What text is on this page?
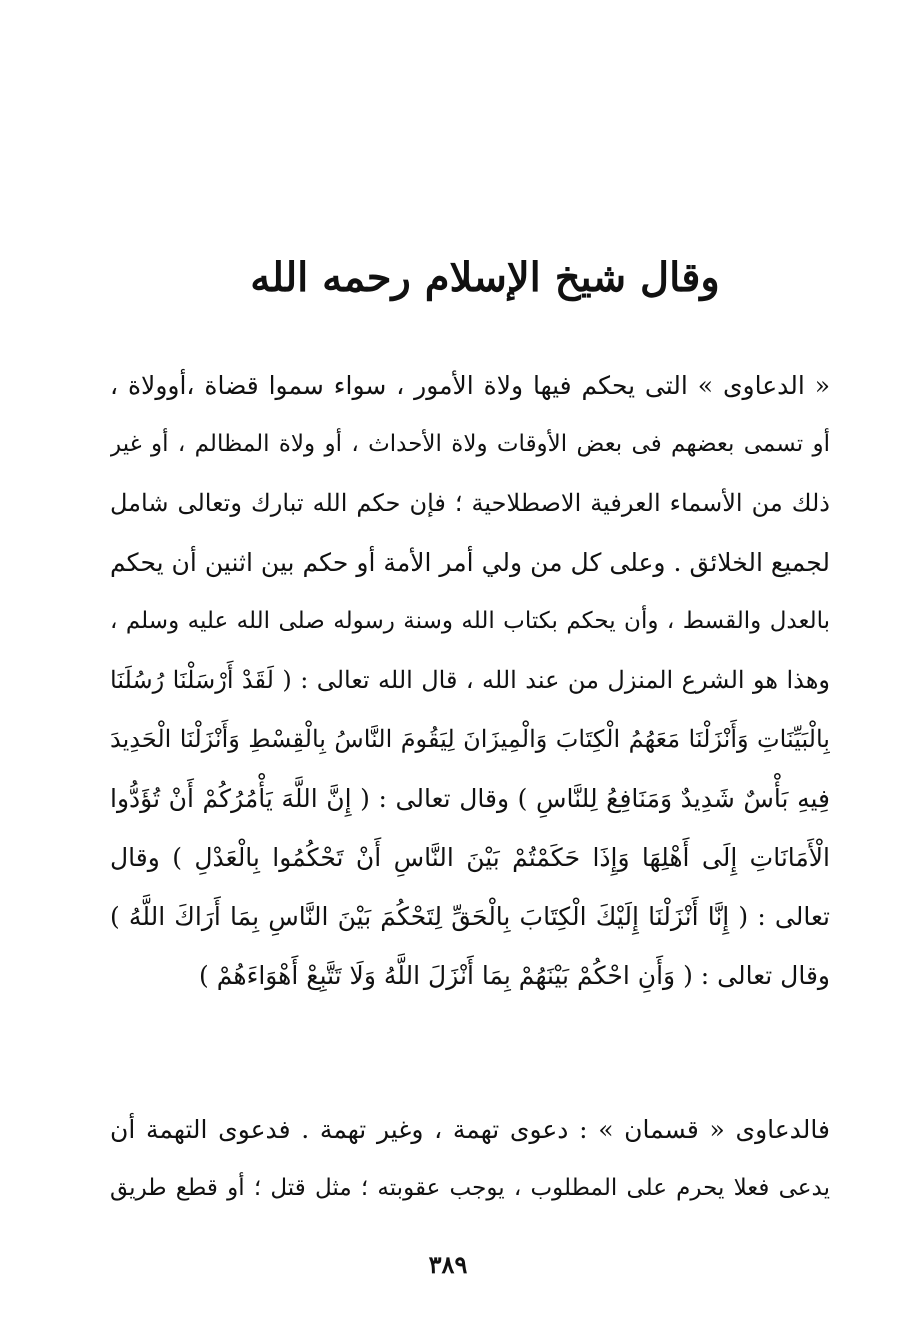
وقال شيخ الإسلام رحمه الله
« الدعاوى » التى يحكم فيها ولاة الأمور ، سواء سموا قضاة ،أوولاة ،
أو تسمى بعضهم فى بعض الأوقات ولاة الأحداث ، أو ولاة المظالم ، أو غير
ذلك من الأسماء العرفية الاصطلاحية ؛ فإن حكم الله تبارك وتعالى شامل
لجميع الخلائق . وعلى كل من ولي أمر الأمة أو حكم بين اثنين أن يحكم
بالعدل والقسط ، وأن يحكم بكتاب الله وسنة رسوله صلى الله عليه وسلم ،
وهذا هو الشرع المنزل من عند الله ، قال الله تعالى : ( لَقَدْ أَرْسَلْنَا رُسُلَنَا
بِالْبَيِّنَاتِ وَأَنْزَلْنَا مَعَهُمُ الْكِتَابَ وَالْمِيزَانَ لِيَقُومَ النَّاسُ بِالْقِسْطِ وَأَنْزَلْنَا الْحَدِيدَ
فِيهِ بَأْسٌ شَدِيدٌ وَمَنَافِعُ لِلنَّاسِ ) وقال تعالى : ( إِنَّ اللَّهَ يَأْمُرُكُمْ أَنْ تُؤَدُّوا
الْأَمَانَاتِ إِلَى أَهْلِهَا وَإِذَا حَكَمْتُمْ بَيْنَ النَّاسِ أَنْ تَحْكُمُوا بِالْعَدْلِ ) وقال
تعالى : ( إِنَّا أَنْزَلْنَا إِلَيْكَ الْكِتَابَ بِالْحَقِّ لِتَحْكُمَ بَيْنَ النَّاسِ بِمَا أَرَاكَ اللَّهُ )
وقال تعالى : ( وَأَنِ احْكُمْ بَيْنَهُمْ بِمَا أَنْزَلَ اللَّهُ وَلَا تَتَّبِعْ أَهْوَاءَهُمْ )
فالدعاوى « قسمان » : دعوى تهمة ، وغير تهمة . فدعوى التهمة أن
يدعى فعلا يحرم على المطلوب ، يوجب عقوبته ؛ مثل قتل ؛ أو قطع طريق
٣٨٩
